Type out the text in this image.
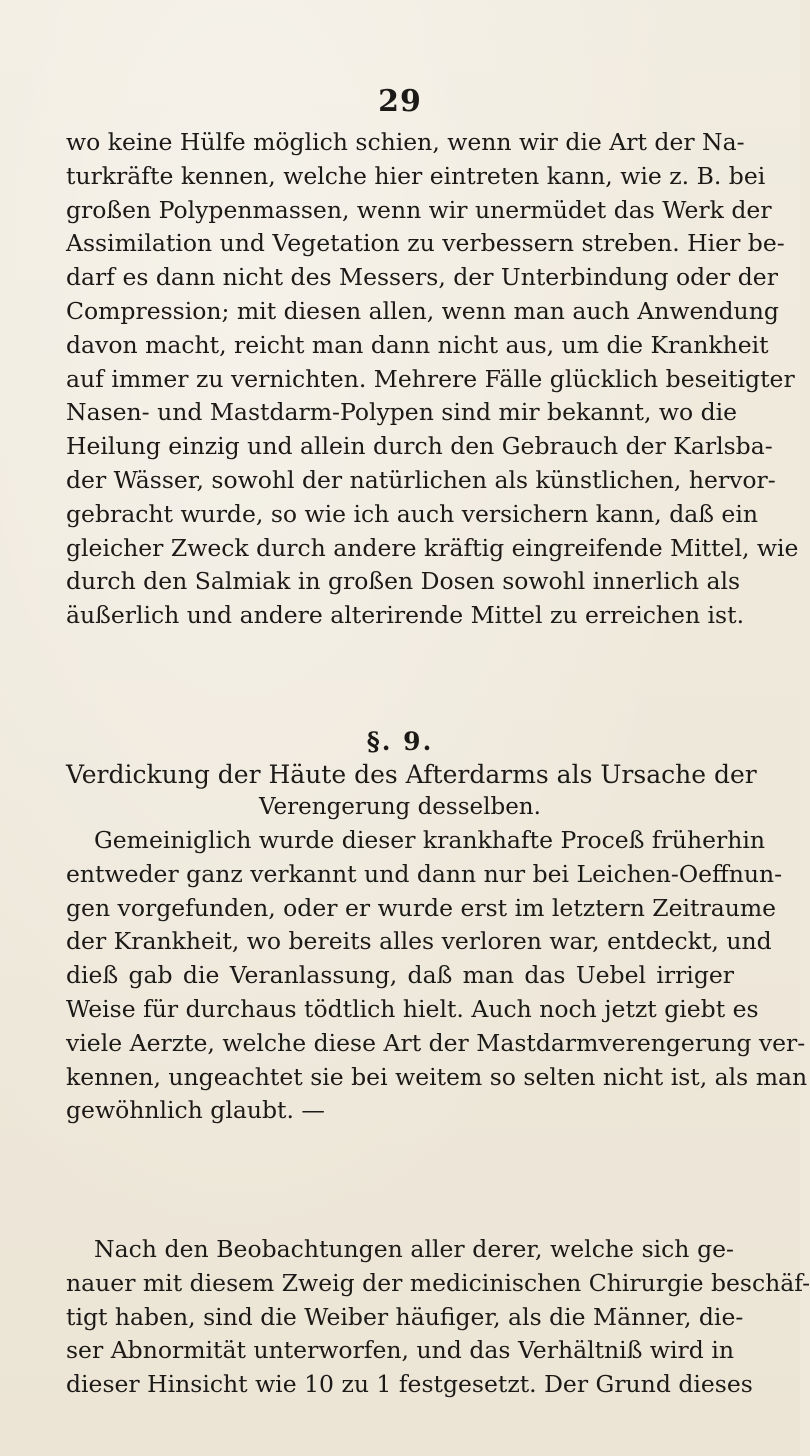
29
wo keine Hülfe möglich schien, wenn wir die Art der Na-
turkräfte kennen, welche hier eintreten kann, wie z. B. bei
großen Polypenmassen, wenn wir unermüdet das Werk der
Assimilation und Vegetation zu verbessern streben. Hier be-
darf es dann nicht des Messers, der Unterbindung oder der
Compression; mit diesen allen, wenn man auch Anwendung
davon macht, reicht man dann nicht aus, um die Krankheit
auf immer zu vernichten. Mehrere Fälle glücklich beseitigter
Nasen- und Mastdarm-Polypen sind mir bekannt, wo die
Heilung einzig und allein durch den Gebrauch der Karlsba-
der Wässer, sowohl der natürlichen als künstlichen, hervor-
gebracht wurde, so wie ich auch versichern kann, daß ein
gleicher Zweck durch andere kräftig eingreifende Mittel, wie
durch den Salmiak in großen Dosen sowohl innerlich als
äußerlich und andere alterirende Mittel zu erreichen ist.
§. 9.
Verdickung der Häute des Afterdarms als Ursache der
Verengerung desselben.
Gemeiniglich wurde dieser krankhafte Proceß früherhin
entweder ganz verkannt und dann nur bei Leichen-Oeffnun-
gen vorgefunden, oder er wurde erst im letztern Zeitraume
der Krankheit, wo bereits alles verloren war, entdeckt, und
dieß gab die Veranlassung, daß man das Uebel irriger
Weise für durchaus tödtlich hielt. Auch noch jetzt giebt es
viele Aerzte, welche diese Art der Mastdarmverengerung ver-
kennen, ungeachtet sie bei weitem so selten nicht ist, als man
gewöhnlich glaubt. —
Nach den Beobachtungen aller derer, welche sich ge-
nauer mit diesem Zweig der medicinischen Chirurgie beschäf-
tigt haben, sind die Weiber häufiger, als die Männer, die-
ser Abnormität unterworfen, und das Verhältniß wird in
dieser Hinsicht wie 10 zu 1 festgesetzt. Der Grund dieses
